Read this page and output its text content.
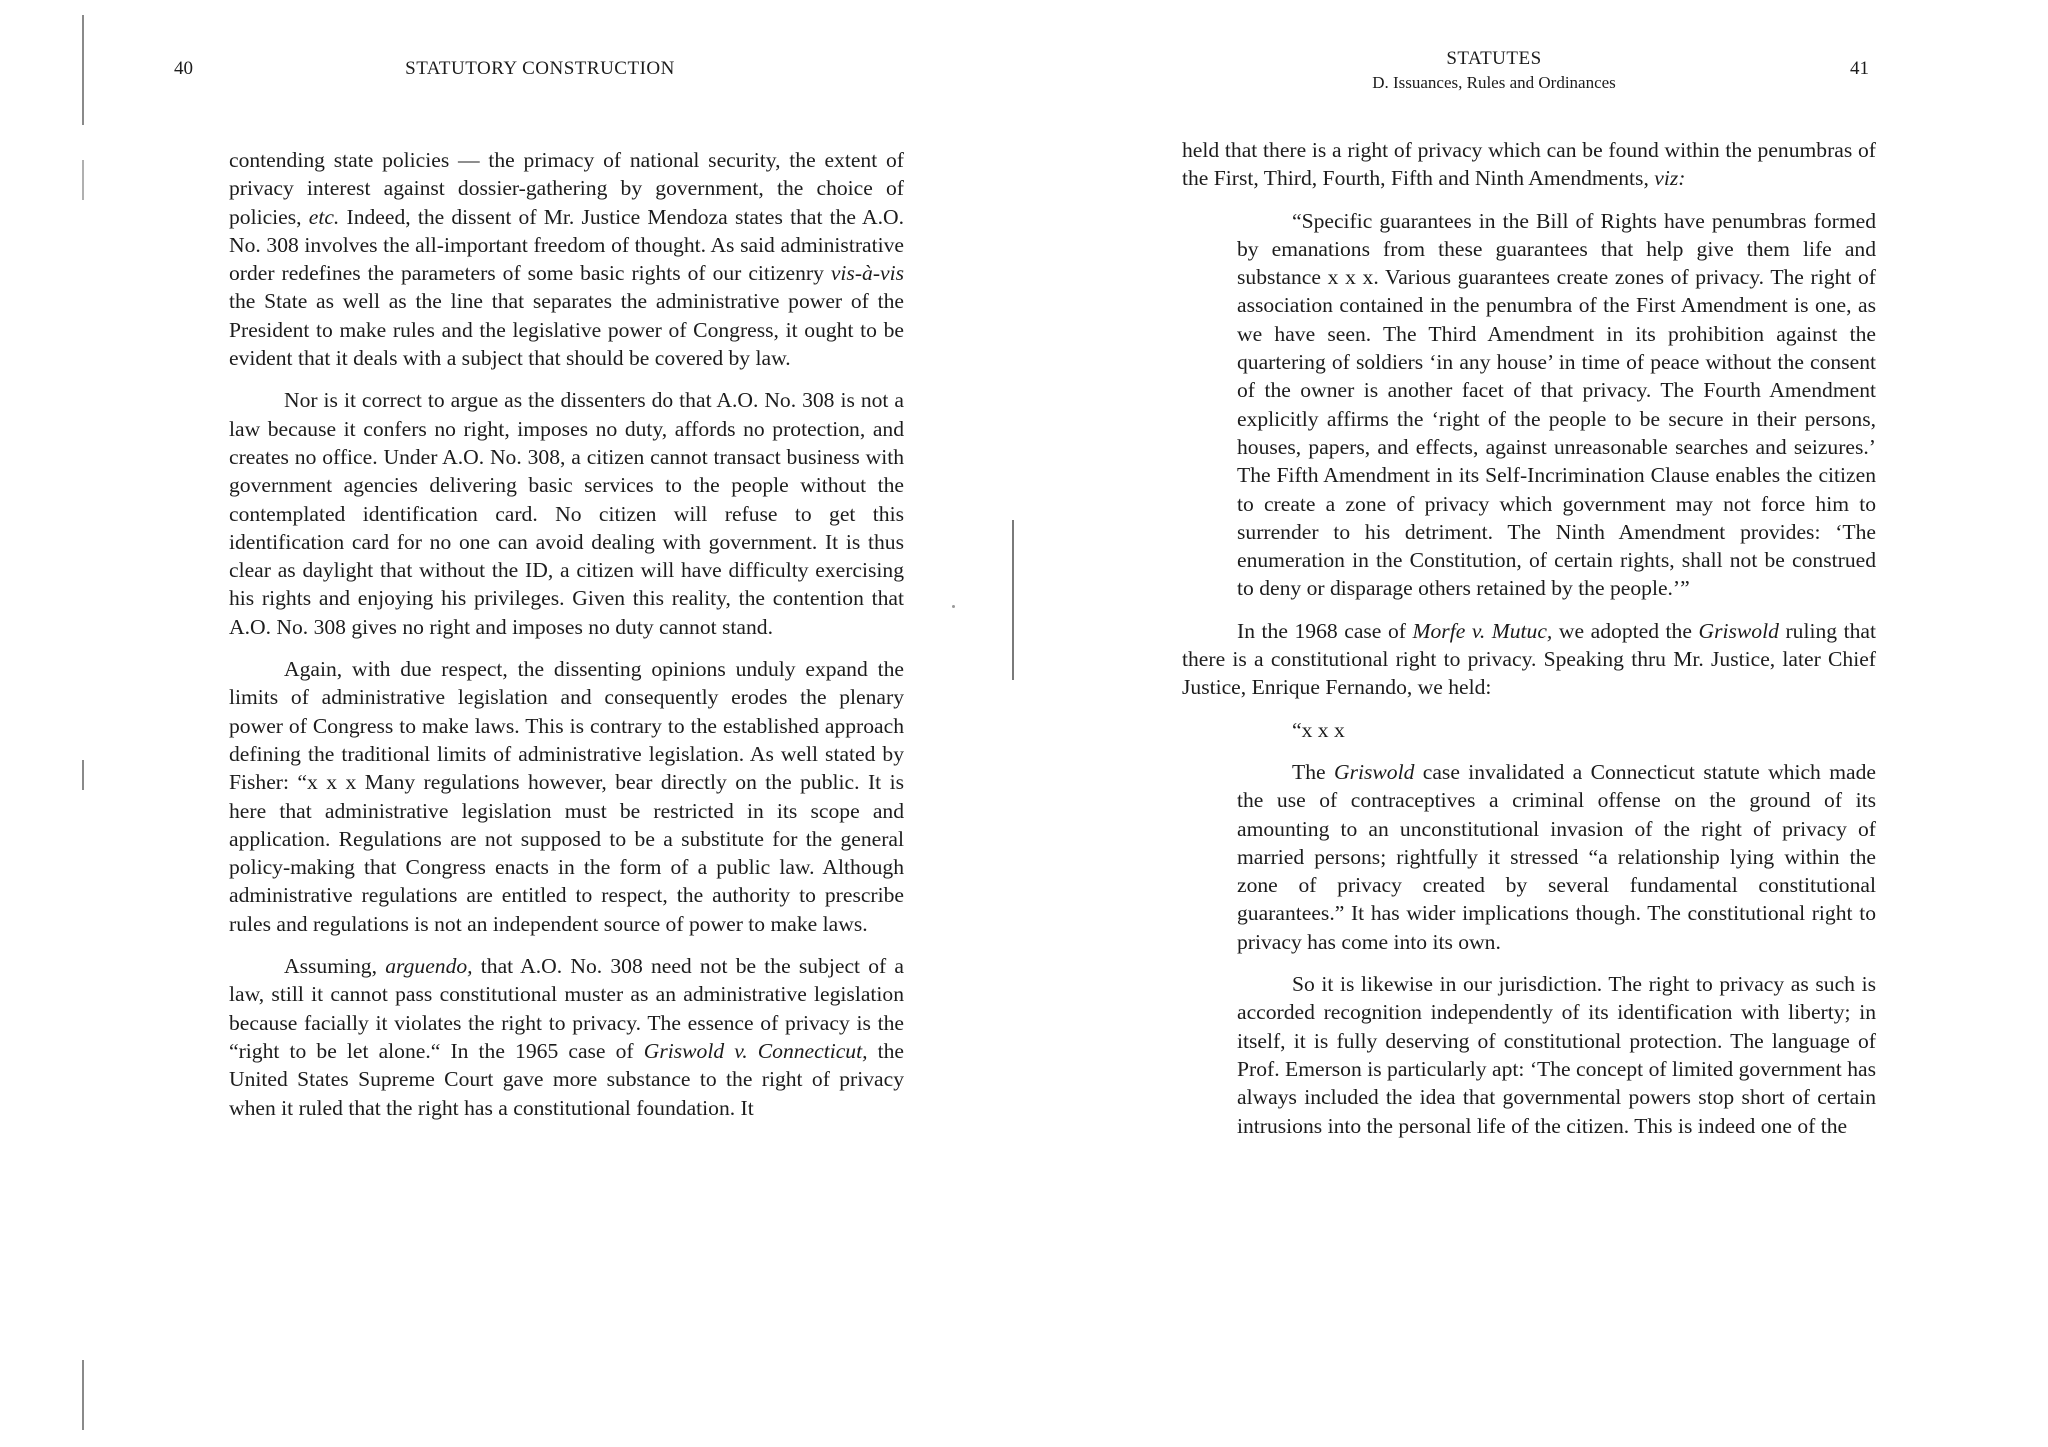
40	STATUTORY CONSTRUCTION

contending state policies — the primacy of national security, the extent of privacy interest against dossier-gathering by government, the choice of policies, etc. Indeed, the dissent of Mr. Justice Mendoza states that the A.O. No. 308 involves the all-important freedom of thought. As said administrative order redefines the parameters of some basic rights of our citizenry vis-à-vis the State as well as the line that separates the administrative power of the President to make rules and the legislative power of Congress, it ought to be evident that it deals with a subject that should be covered by law.

Nor is it correct to argue as the dissenters do that A.O. No. 308 is not a law because it confers no right, imposes no duty, affords no protection, and creates no office. Under A.O. No. 308, a citizen cannot transact business with government agencies delivering basic services to the people without the contemplated identification card. No citizen will refuse to get this identification card for no one can avoid dealing with government. It is thus clear as daylight that without the ID, a citizen will have difficulty exercising his rights and enjoying his privileges. Given this reality, the contention that A.O. No. 308 gives no right and imposes no duty cannot stand.

Again, with due respect, the dissenting opinions unduly expand the limits of administrative legislation and consequently erodes the plenary power of Congress to make laws. This is contrary to the established approach defining the traditional limits of administrative legislation. As well stated by Fisher: “x x x Many regulations however, bear directly on the public. It is here that administrative legislation must be restricted in its scope and application. Regulations are not supposed to be a substitute for the general policy-making that Congress enacts in the form of a public law. Although administrative regulations are entitled to respect, the authority to prescribe rules and regulations is not an independent source of power to make laws.

Assuming, arguendo, that A.O. No. 308 need not be the subject of a law, still it cannot pass constitutional muster as an administrative legislation because facially it violates the right to privacy. The essence of privacy is the “right to be let alone.“ In the 1965 case of Griswold v. Connecticut, the United States Supreme Court gave more substance to the right of privacy when it ruled that the right has a constitutional foundation. It

STATUTES
D. Issuances, Rules and Ordinances
41

held that there is a right of privacy which can be found within the penumbras of the First, Third, Fourth, Fifth and Ninth Amendments, viz:

“Specific guarantees in the Bill of Rights have penumbras formed by emanations from these guarantees that help give them life and substance x x x. Various guarantees create zones of privacy. The right of association contained in the penumbra of the First Amendment is one, as we have seen. The Third Amendment in its prohibition against the quartering of soldiers ‘in any house’ in time of peace without the consent of the owner is another facet of that privacy. The Fourth Amendment explicitly affirms the ‘right of the people to be secure in their persons, houses, papers, and effects, against unreasonable searches and seizures.’ The Fifth Amendment in its Self-Incrimination Clause enables the citizen to create a zone of privacy which government may not force him to surrender to his detriment. The Ninth Amendment provides: ‘The enumeration in the Constitution, of certain rights, shall not be construed to deny or disparage others retained by the people.’”

In the 1968 case of Morfe v. Mutuc, we adopted the Griswold ruling that there is a constitutional right to privacy. Speaking thru Mr. Justice, later Chief Justice, Enrique Fernando, we held:

“x x x

The Griswold case invalidated a Connecticut statute which made the use of contraceptives a criminal offense on the ground of its amounting to an unconstitutional invasion of the right of privacy of married persons; rightfully it stressed “a relationship lying within the zone of privacy created by several fundamental constitutional guarantees.” It has wider implications though. The constitutional right to privacy has come into its own.

So it is likewise in our jurisdiction. The right to privacy as such is accorded recognition independently of its identification with liberty; in itself, it is fully deserving of constitutional protection. The language of Prof. Emerson is particularly apt: ‘The concept of limited government has always included the idea that governmental powers stop short of certain intrusions into the personal life of the citizen. This is indeed one of the
